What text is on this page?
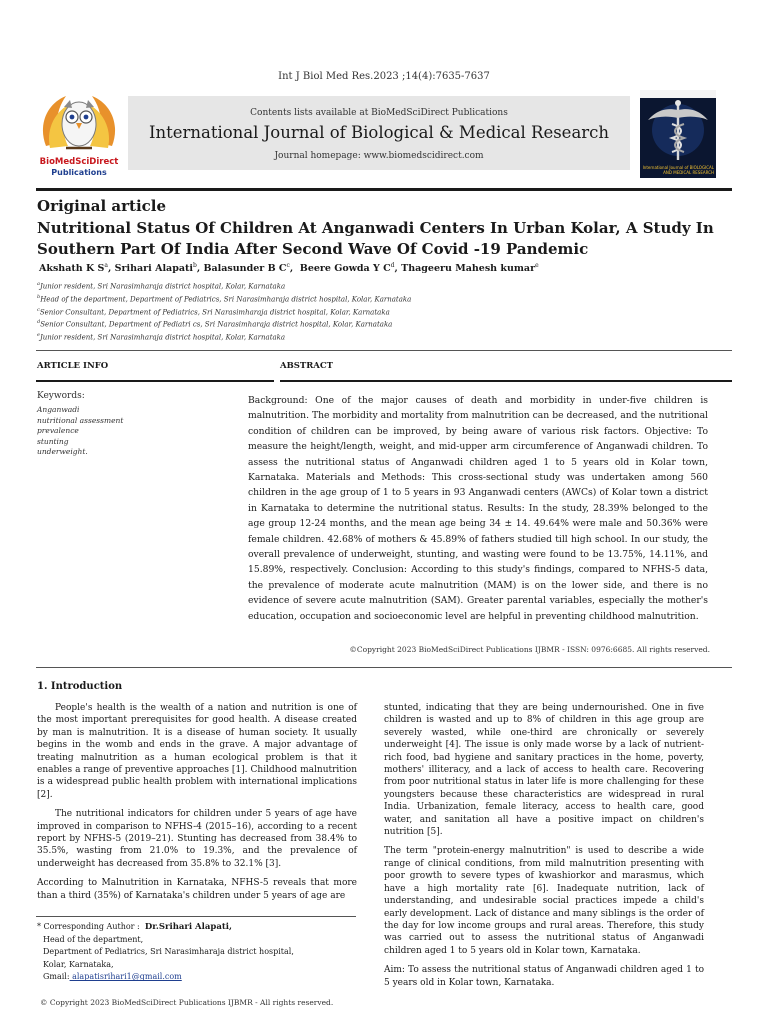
Int J Biol Med Res.2023 ;14(4):7635-7637
BioMedSciDirect
Publications
Contents lists available at BioMedSciDirect Publications
International Journal of Biological & Medical Research
Journal homepage: www.biomedscidirect.com
International Journal of BIOLOGICAL AND MEDICAL RESEARCH
Original article
Nutritional Status Of Children At Anganwadi Centers In Urban Kolar, A Study In Southern Part Of India After Second Wave Of Covid -19 Pandemic
Akshath K $S^a$, Srihari Alapati$^b$, Balasunder B $C^c$,  Beere Gowda Y $C^d$, Thageeru Mahesh kumar$^e$
$^a$Junior resident, Sri Narasimharaja district hospital, Kolar, Karnataka
$^b$Head of the department, Department of Pediatrics, Sri Narasimharaja district hospital, Kolar, Karnataka
$^c$Senior Consultant, Department of Pediatrics, Sri Narasimharaja district hospital, Kolar, Karnataka
$^d$Senior Consultant, Department of Pediatri cs, Sri Narasimharaja district hospital, Kolar, Karnataka
$^e$Junior resident, Sri Narasimharaja district hospital, Kolar, Karnataka
ARTICLE INFO	ABSTRACT
Keywords:
Anganwadi
nutritional assessment
prevalence
stunting
underweight.
Background: One of the major causes of death and morbidity in under-five children is malnutrition. The morbidity and mortality from malnutrition can be decreased, and the nutritional condition of children can be improved, by being aware of various risk factors. Objective: To measure the height/length, weight, and mid-upper arm circumference of Anganwadi children. To assess the nutritional status of Anganwadi children aged 1 to 5 years old in Kolar town, Karnataka. Materials and Methods: This cross-sectional study was undertaken among 560 children in the age group of 1 to 5 years in 93 Anganwadi centers (AWCs) of Kolar town a district in Karnataka to determine the nutritional status. Results: In the study, 28.39% belonged to the age group 12-24 months, and the mean age being 34 ± 14. 49.64% were male and 50.36% were female children. 42.68% of mothers & 45.89% of fathers studied till high school. In our study, the overall prevalence of underweight, stunting, and wasting were found to be 13.75%, 14.11%, and 15.89%, respectively. Conclusion: According to this study's findings, compared to NFHS-5 data, the prevalence of moderate acute malnutrition (MAM) is on the lower side, and there is no evidence of severe acute malnutrition (SAM). Greater parental variables, especially the mother's education, occupation and socioeconomic level are helpful in preventing childhood malnutrition.
©Copyright 2023 BioMedSciDirect Publications IJBMR - ISSN: 0976:6685. All rights reserved.
1. Introduction

People's health is the wealth of a nation and nutrition is one of the most important prerequisites for good health. A disease created by man is malnutrition. It is a disease of human society. It usually begins in the womb and ends in the grave. A major advantage of treating malnutrition as a human ecological problem is that it enables a range of preventive approaches [1]. Childhood malnutrition is a widespread public health problem with international implications [2].

The nutritional indicators for children under 5 years of age have improved in comparison to NFHS-4 (2015–16), according to a recent report by NFHS-5 (2019–21). Stunting has decreased from 38.4% to 35.5%, wasting from 21.0% to 19.3%, and the prevalence of underweight has decreased from 35.8% to 32.1% [3].

According to Malnutrition in Karnataka, NFHS-5 reveals that more than a third (35%) of Karnataka's children under 5 years of age are

stunted, indicating that they are being undernourished. One in five children is wasted and up to 8% of children in this age group are severely wasted, while one-third are chronically or severely underweight [4]. The issue is only made worse by a lack of nutrient-rich food, bad hygiene and sanitary practices in the home, poverty, mothers' illiteracy, and a lack of access to health care. Recovering from poor nutritional status in later life is more challenging for these youngsters because these characteristics are widespread in rural India. Urbanization, female literacy, access to health care, good water, and sanitation all have a positive impact on children's nutrition [5].

The term "protein-energy malnutrition" is used to describe a wide range of clinical conditions, from mild malnutrition presenting with poor growth to severe types of kwashiorkor and marasmus, which have a high mortality rate [6]. Inadequate nutrition, lack of understanding, and undesirable social practices impede a child's early development. Lack of distance and many siblings is the order of the day for low income groups and rural areas. Therefore, this study was carried out to assess the nutritional status of Anganwadi children aged 1 to 5 years old in Kolar town, Karnataka.

Aim: To assess the nutritional status of Anganwadi children aged 1 to 5 years old in Kolar town, Karnataka.

* Corresponding Author : Dr.Srihari Alapati,
Head of the department,
Department of Pediatrics, Sri Narasimharaja district hospital,
Kolar, Karnataka,
Gmail: alapatisrihari1@gmail.com
© Copyright 2023 BioMedSciDirect Publications IJBMR - All rights reserved.
